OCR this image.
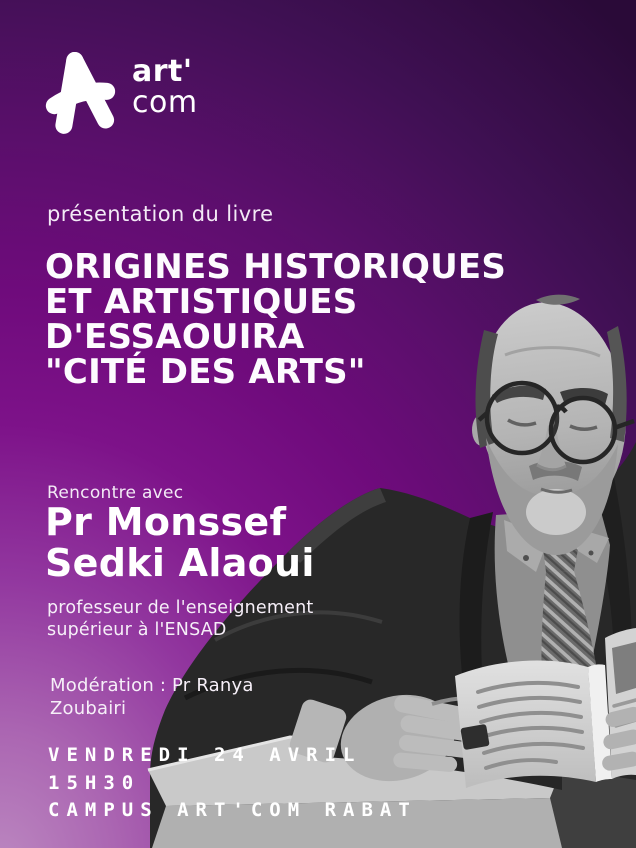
art'
com
présentation du livre
ORIGINES HISTORIQUES
ET ARTISTIQUES
D'ESSAOUIRA
"CITÉ DES ARTS"
Rencontre avec
Pr Monssef
Sedki Alaoui
professeur de l'enseignement
supérieur à l'ENSAD
Modération : Pr Ranya
Zoubairi
VENDREDI 24 AVRIL
15H30
CAMPUS ART'COM RABAT
